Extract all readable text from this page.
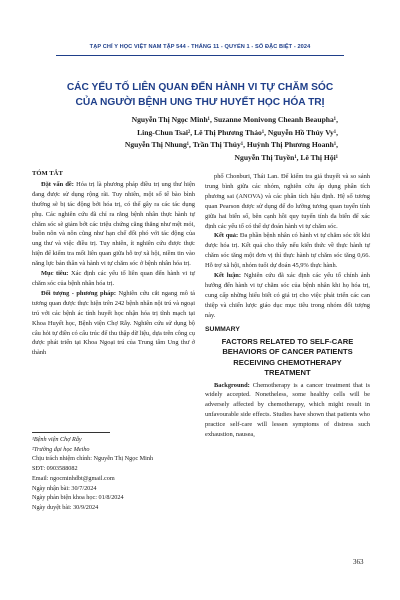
TẠP CHÍ Y HỌC VIỆT NAM TẬP 544 - THÁNG 11 - QUYỂN 1 - SỐ ĐẶC BIỆT - 2024
CÁC YẾU TỐ LIÊN QUAN ĐẾN HÀNH VI TỰ CHĂM SÓC
CỦA NGƯỜI BỆNH UNG THƯ HUYẾT HỌC HÓA TRỊ
Nguyễn Thị Ngọc Minh¹, Suzanne Monivong Cheanh Beaupha¹,
Ling-Chun Tsai², Lê Thị Phương Thảo¹, Nguyễn Hồ Thúy Vy¹,
Nguyễn Thị Nhung¹, Trần Thị Thúy¹, Huỳnh Thị Phương Hoanh¹,
Nguyễn Thị Tuyền¹, Lê Thị Hội¹

TÓM TẮT

Đặt vấn đề: Hóa trị là phương pháp điều trị ung thư hiện đang được sử dụng rộng rãi. Tuy nhiên, một số tế bào bình thường sẽ bị tác động bởi hóa trị, có thể gây ra các tác dụng phụ. Các nghiên cứu đã chỉ ra rằng bệnh nhân thực hành tự chăm sóc sẽ giảm bớt các triệu chứng căng thẳng như mệt mỏi, buồn nôn và nôn cũng như hạn chế đối phó với tác động của ung thư và việc điều trị. Tuy nhiên, ít nghiên cứu được thực hiện để kiểm tra mối liên quan giữa hỗ trợ xã hội, niềm tin vào năng lực bản thân và hành vi tự chăm sóc ở bệnh nhân hóa trị.

Mục tiêu: Xác định các yếu tố liên quan đến hành vi tự chăm sóc của bệnh nhân hóa trị.

Đối tượng - phương pháp: Nghiên cứu cắt ngang mô tả tương quan được thực hiện trên 242 bệnh nhân nội trú và ngoại trú với các bệnh ác tính huyết học nhận hóa trị tĩnh mạch tại Khoa Huyết học, Bệnh viện Chợ Rẫy. Nghiên cứu sử dụng bộ câu hỏi tự điền có cấu trúc để thu thập dữ liệu, dựa trên công cụ được phát triển tại Khoa Ngoại trú của Trung tâm Ung thư ở thành

¹Bệnh viện Chợ Rẫy
²Trường đại học Meiho
Chịu trách nhiệm chính: Nguyễn Thị Ngọc Minh
SĐT: 0903588082
Email: ngocminhdbt@gmail.com
Ngày nhận bài: 30/7/2024
Ngày phản biện khoa học: 01/8/2024
Ngày duyệt bài: 30/9/2024

phố Chonburi, Thái Lan. Để kiểm tra giả thuyết và so sánh trung bình giữa các nhóm, nghiên cứu áp dụng phân tích phương sai (ANOVA) và các phân tích hậu định. Hệ số tương quan Pearson được sử dụng để đo lường tương quan tuyến tính giữa hai biến số, bên cạnh hồi quy tuyến tính đa biến để xác định các yếu tố có thể dự đoán hành vi tự chăm sóc.

Kết quả: Đa phần bệnh nhân có hành vi tự chăm sóc tốt khi được hóa trị. Kết quả cho thấy nếu kiến thức về thực hành tự chăm sóc tăng một đơn vị thì thực hành tự chăm sóc tăng 0,66. Hỗ trợ xã hội, nhóm tuổi dự đoán 45,9% thực hành.

Kết luận: Nghiên cứu đã xác định các yếu tố chính ảnh hưởng đến hành vi tự chăm sóc của bệnh nhân khi họ hóa trị, cung cấp những hiểu biết có giá trị cho việc phát triển các can thiệp và chiến lược giáo dục mục tiêu trong nhóm đối tượng này.

SUMMARY

FACTORS RELATED TO SELF-CARE
BEHAVIORS OF CANCER PATIENTS
RECEIVING CHEMOTHERAPY
TREATMENT

Background: Chemotherapy is a cancer treatment that is widely accepted. Nonetheless, some healthy cells will be adversely affected by chemotherapy, which might result in unfavourable side effects. Studies have shown that patients who practice self-care will lessen symptoms of distress such exhaustion, nausea,

363
